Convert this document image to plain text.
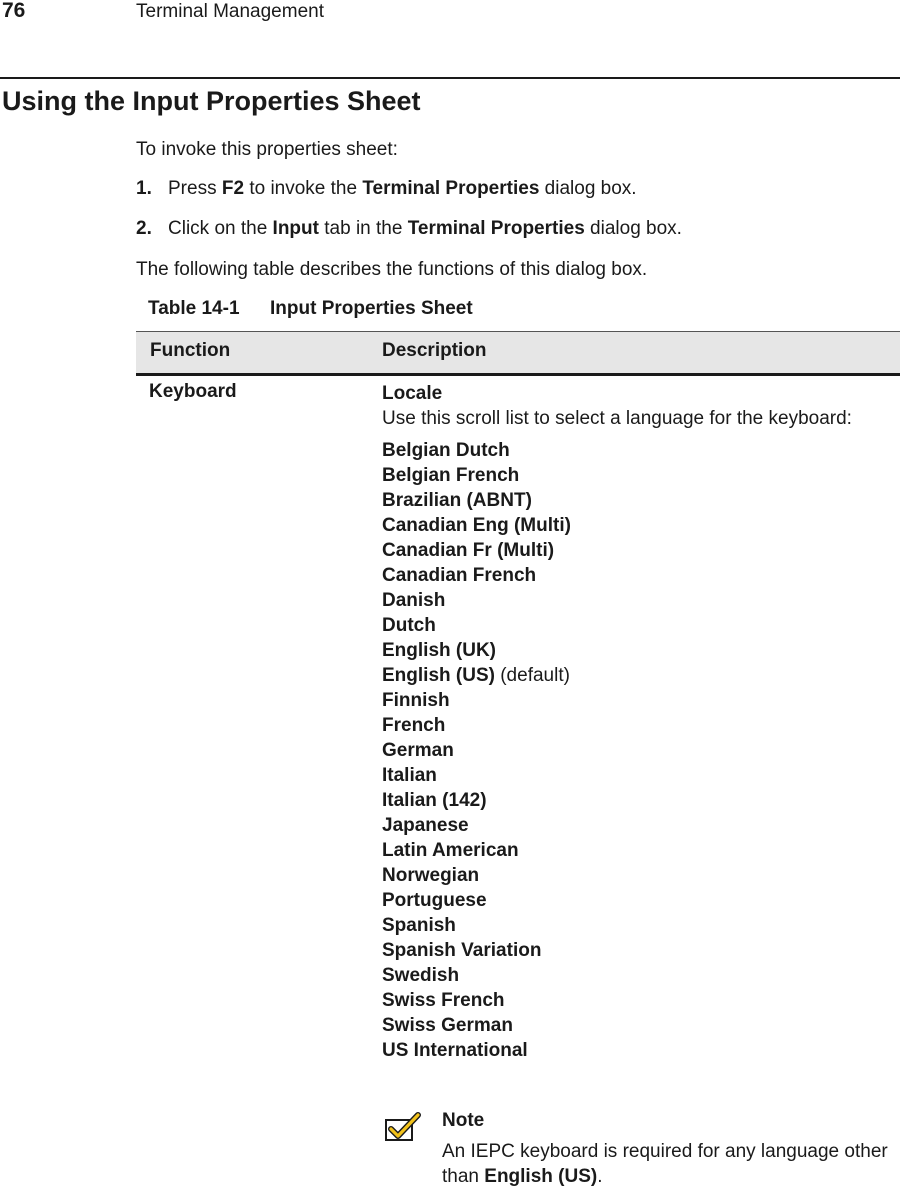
76	Terminal Management
Using the Input Properties Sheet
To invoke this properties sheet:
1. Press F2 to invoke the Terminal Properties dialog box.
2. Click on the Input tab in the Terminal Properties dialog box.
The following table describes the functions of this dialog box.
Table 14-1 Input Properties Sheet
Function	Description
Keyboard	Locale

Use this scroll list to select a language for the keyboard:

Belgian Dutch
Belgian French
Brazilian (ABNT)
Canadian Eng (Multi)
Canadian Fr (Multi)
Canadian French
Danish
Dutch
English (UK)
English (US) (default)
Finnish
French
German
Italian
Italian (142)
Japanese
Latin American
Norwegian
Portuguese
Spanish
Spanish Variation
Swedish
Swiss French
Swiss German
US International
Note
An IEPC keyboard is required for any language other than English (US).
